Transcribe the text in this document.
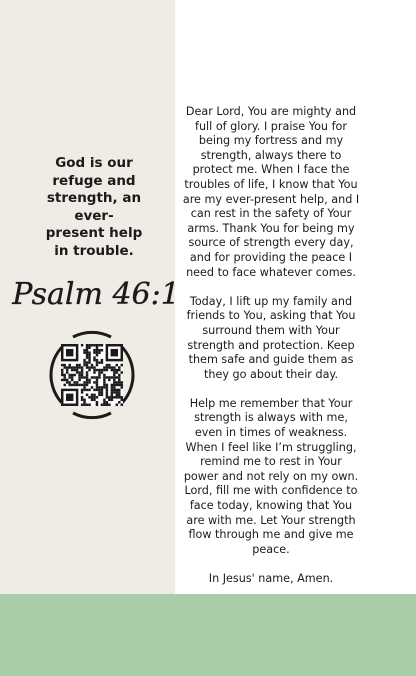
God is our
refuge and
strength, an
ever-
present help
in trouble.
Psalm 46:1

Dear Lord, You are mighty and full of glory. I praise You for being my fortress and my strength, always there to protect me. When I face the troubles of life, I know that You are my ever-present help, and I can rest in the safety of Your arms. Thank You for being my source of strength every day, and for providing the peace I need to face whatever comes.

Today, I lift up my family and friends to You, asking that You surround them with Your strength and protection. Keep them safe and guide them as they go about their day.

Help me remember that Your strength is always with me, even in times of weakness. When I feel like I’m struggling, remind me to rest in Your power and not rely on my own. Lord, fill me with confidence to face today, knowing that You are with me. Let Your strength flow through me and give me peace.

In Jesus' name, Amen.
